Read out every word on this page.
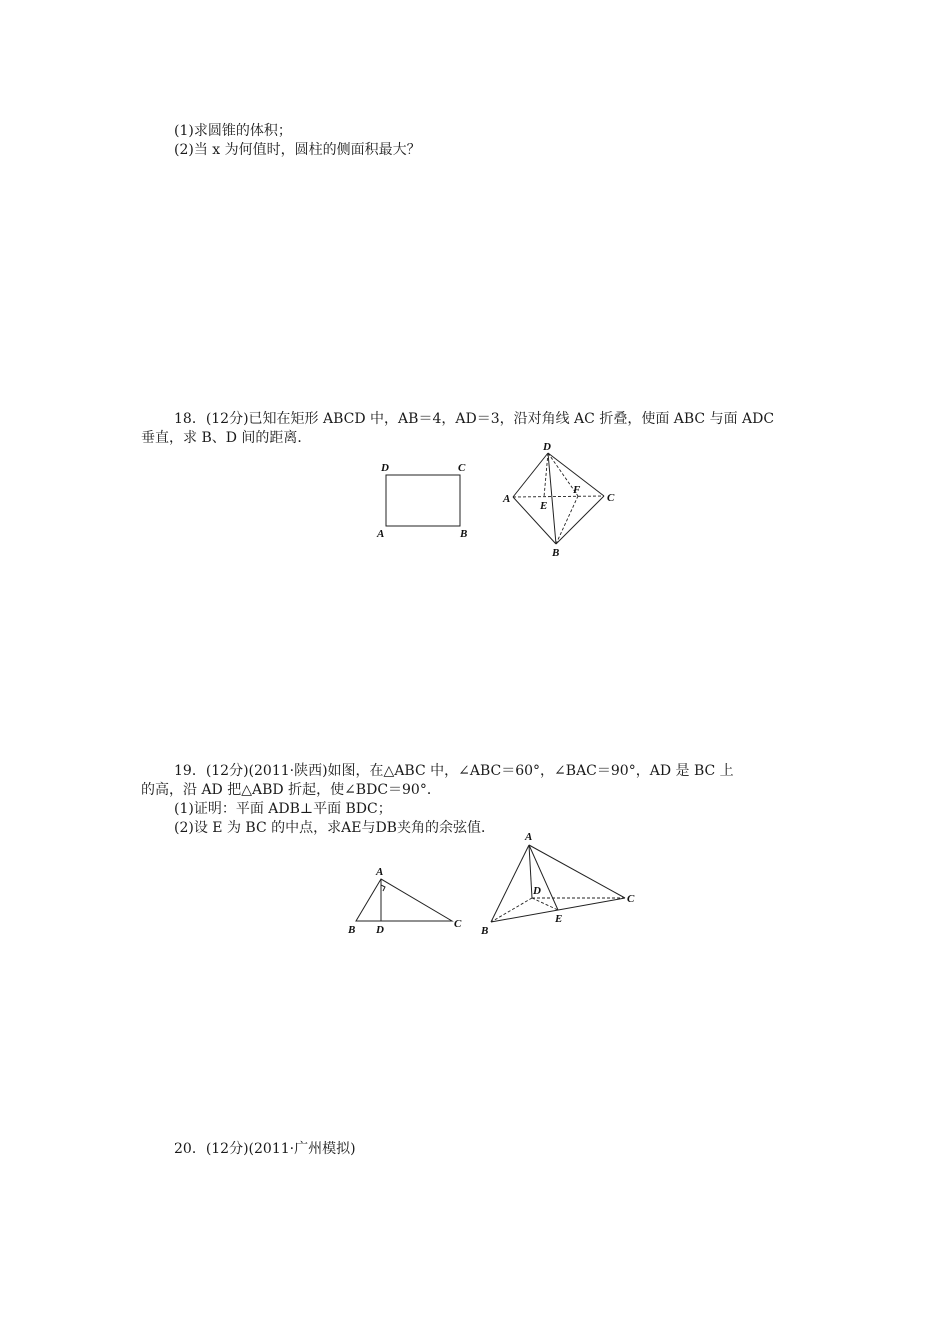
(1)求圆锥的体积；
(2)当 x 为何值时，圆柱的侧面积最大？
18．(12分)已知在矩形 ABCD 中，AB＝4，AD＝3，沿对角线 AC 折叠，使面 ABC 与面 ADC
垂直，求 B、D 间的距离．
D	C
A	B
D
A	C
E
F
B
19．(12分)(2011·陕西)如图，在△ABC 中，∠ABC＝60°，∠BAC＝90°，AD 是 BC 上
的高，沿 AD 把△ABD 折起，使∠BDC＝90°．
(1)证明：平面 ADB⊥平面 BDC；
(2)设 E 为 BC 的中点，求AE与DB夹角的余弦值．
A
B D	C
A
D
C
E
B
20．(12分)(2011·广州模拟)
